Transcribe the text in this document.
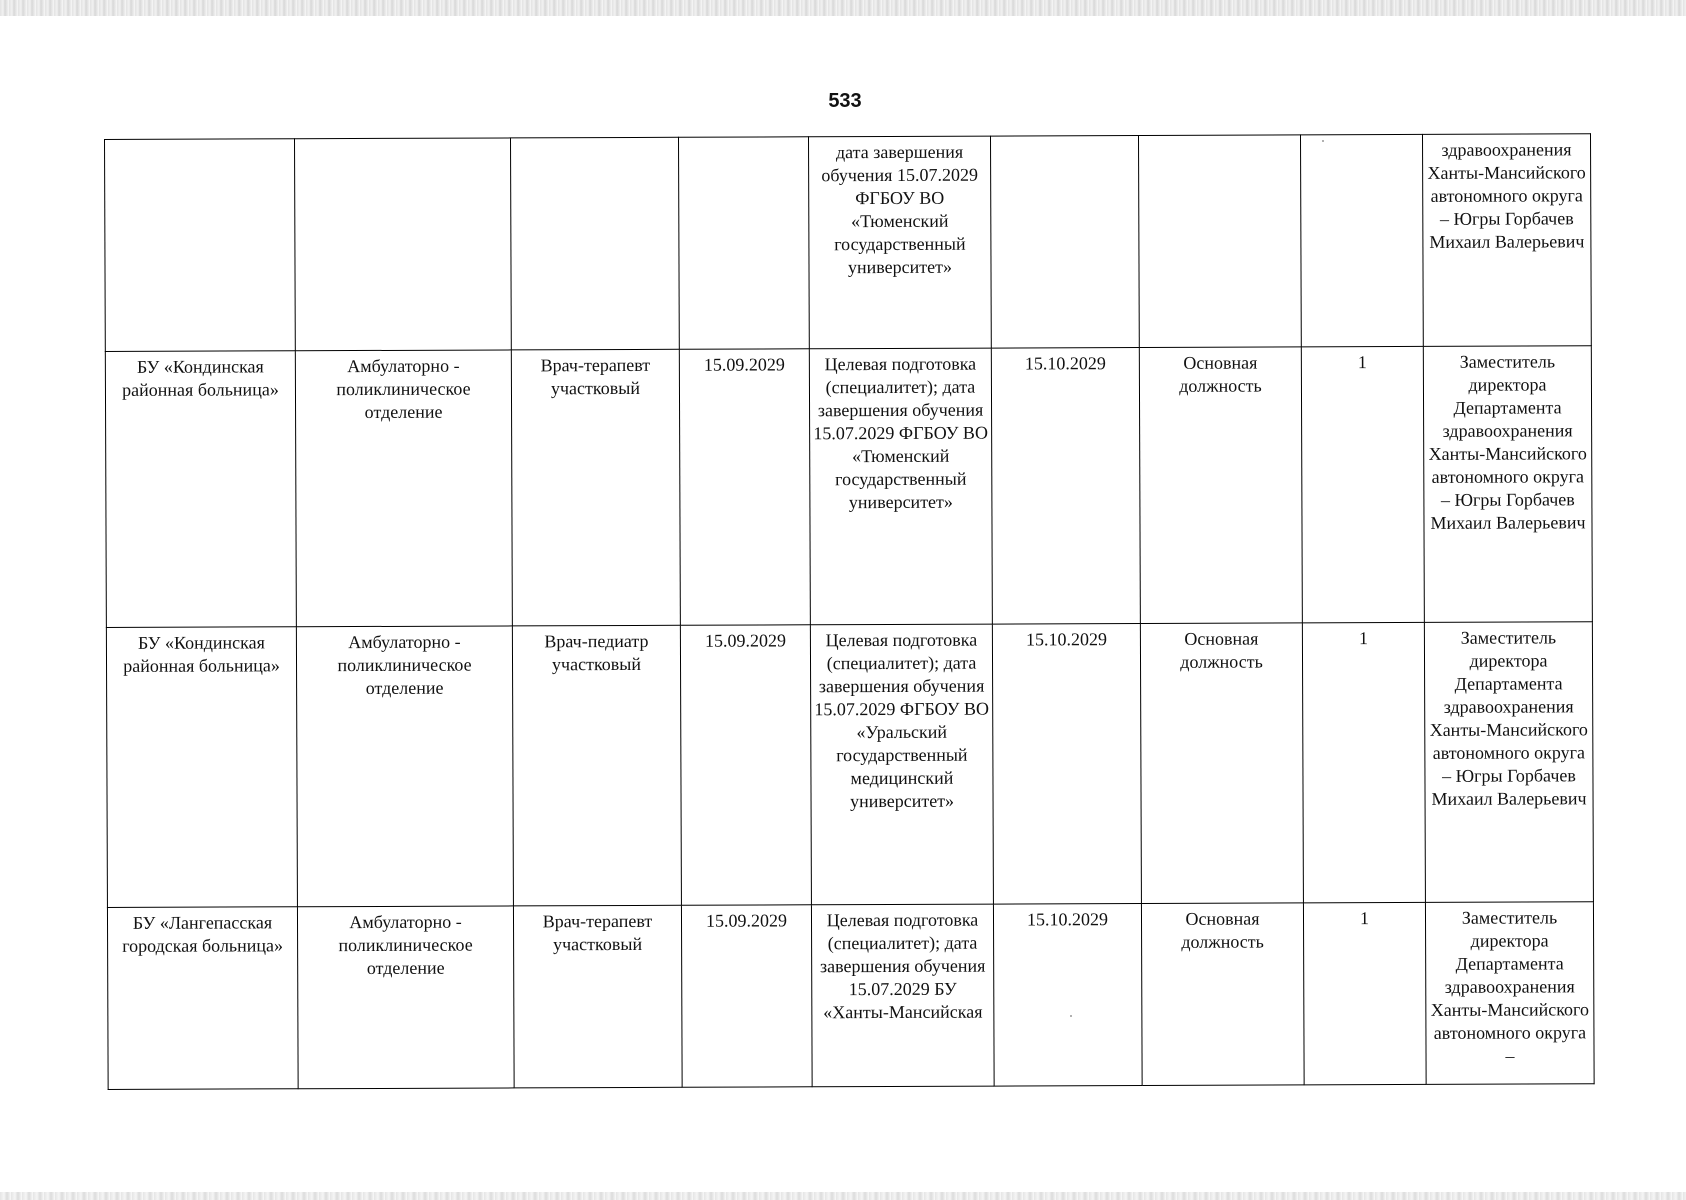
533
				дата завершения обучения 15.07.2029 ФГБОУ ВО «Тюменский государственный университет»				здравоохранения Ханты-Мансийского автономного округа – Югры Горбачев Михаил Валерьевич
БУ «Кондинская районная больница»	Амбулаторно - поликлиническое отделение	Врач-терапевт участковый	15.09.2029	Целевая подготовка (специалитет); дата завершения обучения 15.07.2029 ФГБОУ ВО «Тюменский государственный университет»	15.10.2029	Основная должность	1	Заместитель директора Департамента здравоохранения Ханты-Мансийского автономного округа – Югры Горбачев Михаил Валерьевич
БУ «Кондинская районная больница»	Амбулаторно - поликлиническое отделение	Врач-педиатр участковый	15.09.2029	Целевая подготовка (специалитет); дата завершения обучения 15.07.2029 ФГБОУ ВО «Уральский государственный медицинский университет»	15.10.2029	Основная должность	1	Заместитель директора Департамента здравоохранения Ханты-Мансийского автономного округа – Югры Горбачев Михаил Валерьевич
БУ «Лангепасская городская больница»	Амбулаторно - поликлиническое отделение	Врач-терапевт участковый	15.09.2029	Целевая подготовка (специалитет); дата завершения обучения 15.07.2029 БУ «Ханты-Мансийская	15.10.2029	Основная должность	1	Заместитель директора Департамента здравоохранения Ханты-Мансийского автономного округа –
